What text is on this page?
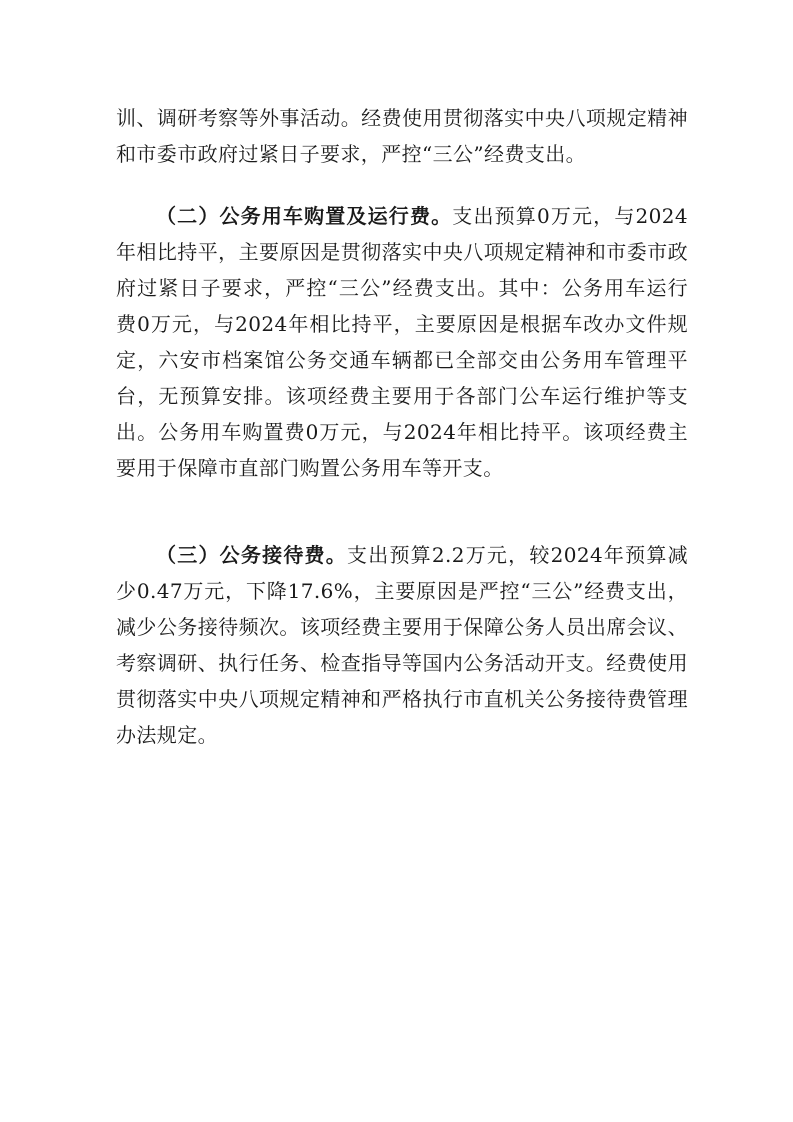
训、调研考察等外事活动。经费使用贯彻落实中央八项规定精神和市委市政府过紧日子要求，严控“三公”经费支出。

（二）公务用车购置及运行费。支出预算0万元，与2024年相比持平，主要原因是贯彻落实中央八项规定精神和市委市政府过紧日子要求，严控“三公”经费支出。其中：公务用车运行费0万元，与2024年相比持平，主要原因是根据车改办文件规定，六安市档案馆公务交通车辆都已全部交由公务用车管理平台，无预算安排。该项经费主要用于各部门公车运行维护等支出。公务用车购置费0万元，与2024年相比持平。该项经费主要用于保障市直部门购置公务用车等开支。

（三）公务接待费。支出预算2.2万元，较2024年预算减少0.47万元，下降17.6%，主要原因是严控“三公”经费支出，减少公务接待频次。该项经费主要用于保障公务人员出席会议、考察调研、执行任务、检查指导等国内公务活动开支。经费使用贯彻落实中央八项规定精神和严格执行市直机关公务接待费管理办法规定。
